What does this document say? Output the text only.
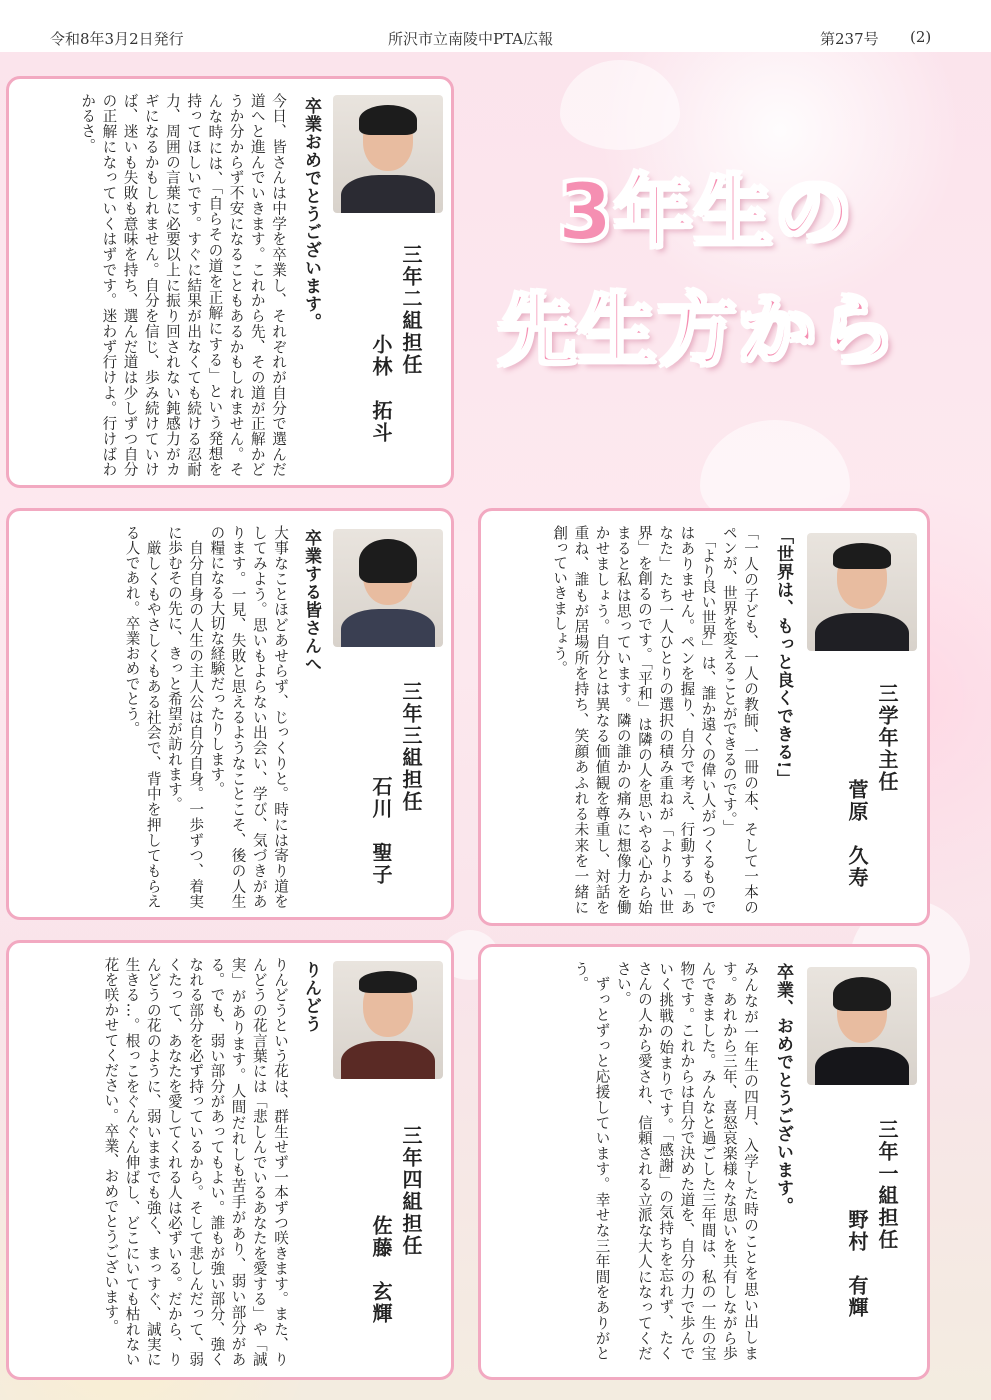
令和8年3月2日発行	所沢市立南陵中PTA広報	第237号 (2)
3年生の
先生方から
卒業おめでとうございます。	三年二組担任
小林　拓斗
今日、皆さんは中学を卒業し、それぞれが自分で選んだ道へと進んでいきます。これから先、その道が正解かどうか分からず不安になることもあるかもしれません。そんな時には、「自らその道を正解にする」という発想を持ってほしいです。すぐに結果が出なくても続ける忍耐力、周囲の言葉に必要以上に振り回されない鈍感力がカギになるかもしれません。自分を信じ、歩み続けていけば、迷いも失敗も意味を持ち、選んだ道は少しずつ自分の正解になっていくはずです。迷わず行けよ。行けばわかるさ。
卒業する皆さんへ
三年三組担任
石川　聖子
大事なことほどあせらず、じっくりと。時には寄り道をしてみよう。思いもよらない出会い、学び、気づきがあります。一見、失敗と思えるようなことこそ、後の人生の糧になる大切な経験だったりします。
　自分自身の人生の主人公は自分自身。一歩ずつ、着実に歩むその先に、きっと希望が訪れます。
　厳しくもやさしくもある社会で、背中を押してもらえる人であれ。卒業おめでとう。	「世界は、もっと良くできる!」	三学年主任
菅原　久寿
「一人の子ども、一人の教師、一冊の本、そして一本のペンが、世界を変えることができるのです。」
　「より良い世界」は、誰か遠くの偉い人がつくるものではありません。ペンを握り、自分で考え、行動する「あなた」たち一人ひとりの選択の積み重ねが「よりよい世界」を創るのです。「平和」は隣の人を思いやる心から始まると私は思っています。隣の誰かの痛みに想像力を働かせましょう。自分とは異なる価値観を尊重し、対話を重ね、誰もが居場所を持ち、笑顔あふれる未来を一緒に創っていきましょう。
りんどう
三年四組担任
佐藤　玄輝
りんどうという花は、群生せず一本ずつ咲きます。また、りんどうの花言葉には「悲しんでいるあなたを愛する」や「誠実」があります。人間だれしも苦手があり、弱い部分がある。でも、弱い部分があってもよい。誰もが強い部分、強くなれる部分を必ず持っているから。そして悲しんだって、弱くたって、あなたを愛してくれる人は必ずいる。だから、りんどうの花のように、弱いままでも強く、まっすぐ、誠実に生きる…。根っこをぐんぐん伸ばし、どこにいても枯れない花を咲かせてください。卒業、おめでとうございます。	卒業、おめでとうございます。	三年一組担任
野村　有輝
みんなが一年生の四月、入学した時のことを思い出します。あれから三年、喜怒哀楽様々な思いを共有しながら歩んできました。みんなと過ごした三年間は、私の一生の宝物です。これからは自分で決めた道を、自分の力で歩んでいく挑戦の始まりです。「感謝」の気持ちを忘れず、たくさんの人から愛され、信頼される立派な大人になってください。
　ずっとずっと応援しています。幸せな三年間をありがとう。
